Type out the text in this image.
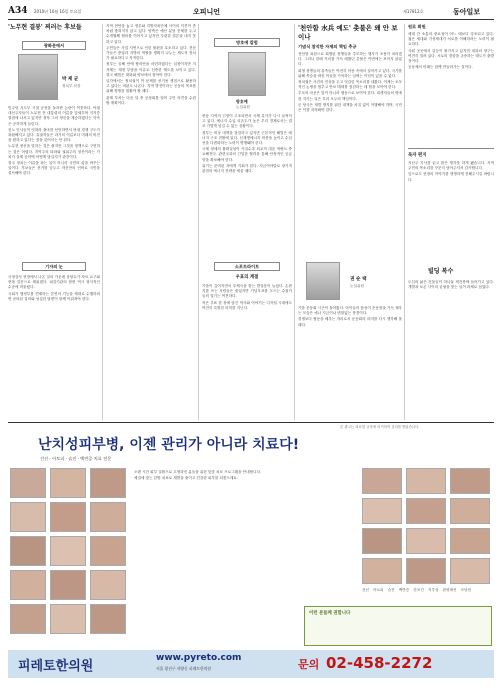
A34 2010년 10월 16일 토요일	오피니언	제17812호	동아일보
'노무현 결봉' 찌러는 후보들
광화문에서
박 제 균
정치부 차장

민주당 지도부 시절 공천을 둘러싼 논란이 여전하다. 야권 대선주자들이 노무현 전 대통령의 이름을 앞세우며 지지층 결집에 나서고 있지만 정작 그의 정신을 계승하겠다는 약속은 공허하게 들린다.

친노 인사들이 잇따라 출마를 선언하면서 당내 경쟁 구도가 복잡해지고 있다. 유권자들은 과거의 이름보다 미래의 비전을 원하고 있다는 점을 잊어서는 안 된다.

노무현 정신을 말하는 것은 쉽지만 그것을 정책으로 구현하는 것은 어렵다. 지역주의 타파와 권위주의 청산이라는 가치가 실제 공약에 어떻게 담길지가 관건이다.

결국 정치는 이름을 파는 일이 아니라 국민의 삶을 바꾸는 일이다. 후보들은 선거를 앞두고 자신만의 언어로 국민을 설득해야 한다.

기자의 눈

국정감사 현장에서 나온 질의 가운데 상당수가 자료 요구와 중복 질문으로 채워졌다. 피감기관의 답변 역시 형식적인 수준에 머물렀다.

국회가 행정부를 견제하는 본연의 기능을 제대로 수행하려면 준비된 질의와 성실한 답변이 함께 이뤄져야 한다.

지역 현안을 놓고 정부와 지방자치단체 사이의 이견이 좀처럼 좁혀지지 않고 있다. 양측은 예산 분담 문제를 두고 수개월째 협의를 이어가고 있지만 뚜렷한 결론을 내지 못하고 있다.

주민들은 사업 지연으로 인한 불편을 호소하고 있다. 전문가들은 중앙과 지방의 역할을 명확히 나누는 제도적 장치가 필요하다고 지적한다.

정부는 올해 안에 합의안을 마련하겠다는 입장이지만 지자체는 재정 부담을 이유로 신중한 태도를 보이고 있다. 결국 해법은 대화와 양보에서 찾아야 한다.

일각에서는 정치권이 이 문제를 선거용 쟁점으로 활용하고 있다는 비판도 나온다. 지역 발전이라는 공동의 목표를 위해 정쟁을 멈춰야 할 때다.

관계 부처는 다음 달 중 공청회를 열어 주민 의견을 수렴할 계획이다.

방호예 칼럼
방호예
논설위원

중동 지역의 긴장이 고조되면서 국제 유가가 다시 들썩이고 있다. 에너지 수입 의존도가 높은 우리 경제로서는 결코 가볍게 넘길 수 없는 상황이다.

정부는 비상 대책을 점검하고 있지만 근본적인 해법은 에너지 구조 전환에 있다. 신재생에너지 비중을 높이고 수입선을 다변화하는 노력이 병행돼야 한다.

국제 정세의 불확실성이 커질수록 외교적 대응 역량도 중요해진다. 관련국과의 긴밀한 협력을 통해 안정적인 공급망을 확보해야 한다.

위기는 준비된 자에게 기회가 된다. 지금이야말로 장기적 관점의 에너지 전략을 세울 때다.

소포트라이트
우표의 계절

가을이 깊어지면서 우체국을 찾는 발걸음이 늘었다. 손편지를 쓰는 사람들은 줄었지만 기념우표를 모으는 수집가들의 열기는 여전하다.

작은 우표 한 장에 담긴 역사와 이야기는 디지털 시대에도 여전히 특별한 의미를 지닌다.

'천안함 水兵 예도' 촛불은 왜 안 보이나
기념식 참석한 자제의 책임 추궁

천안함 폭침으로 희생된 장병들을 추모하는 행사가 조용히 치러졌다. 그러나 한때 거리를 가득 메웠던 촛불은 이번에는 보이지 않았다.

희생 장병들의 유족들은 여전히 아픔 속에서 살아가고 있다. 국가를 위해 목숨을 바친 이들을 기억하는 일에는 이념이 있을 수 없다.

정치권은 사건의 진상을 두고 엇갈린 목소리를 내왔다. 이제는 소모적인 논쟁을 멈추고 안보 태세를 점검하는 데 힘을 모아야 한다.

추모의 마음은 말이 아니라 행동으로 보여야 한다. 희생자들의 명예를 지키는 일은 우리 모두의 책임이다.

군 당국은 재발 방지를 위한 대책을 차질 없이 이행해야 하며, 국민은 이를 지켜봐야 한다.

권 순 택
논설위원

가을 운동회 시즌이 돌아왔다. 아이들의 함성이 운동장을 가득 채우는 모습은 예나 지금이나 변함없는 풍경이다.

경쟁보다 협동을 배우는 자리로서 운동회의 의미를 다시 생각해 볼 때다.

원로 회원

세대 간 소통의 중요성이 어느 때보다 강조되고 있다. 젊은 세대와 기성세대가 서로를 이해하려는 노력이 필요하다.

사회 곳곳에서 갈등이 불거지고 있지만 대화의 창구는 여전히 열려 있다. 서로의 경험을 존중하는 태도가 출발점이다.

공동체의 미래는 함께 만들어가는 것이다.

독자 편지

지난주 기사를 읽고 많은 생각을 하게 됐습니다. 지역 주민의 목소리를 꾸준히 담아주셔서 감사합니다.

앞으로도 현장의 이야기를 생생하게 전해주시길 바랍니다.

빌딩 복수

도심의 낡은 건물들이 하나둘 재건축에 들어가고 있다. 개발과 보존 사이의 균형을 찾는 일이 과제로 남았다.

본 광고는 의료법 규정에 의거하여 심의를 받았습니다
난치성피부병, 이젠 관리가 아니라 치료다!
건선 · 아토피 · 습진 · 백반증 치료 전문

오랜 시간 피부 질환으로 고생하신 분들을 위한 맞춤 치료 프로그램을 안내합니다.

체질에 맞는 한방 치료로 재발을 줄이고 건강한 피부를 되찾으세요.

건선 아토피 습진 백반증 한포진 지루성 편평태선 모낭염
이런 분들께 권합니다
피레토한의원
www.pyreto.com
서울 광진구 자양동 피레토한의원	문의 02-458-2272
